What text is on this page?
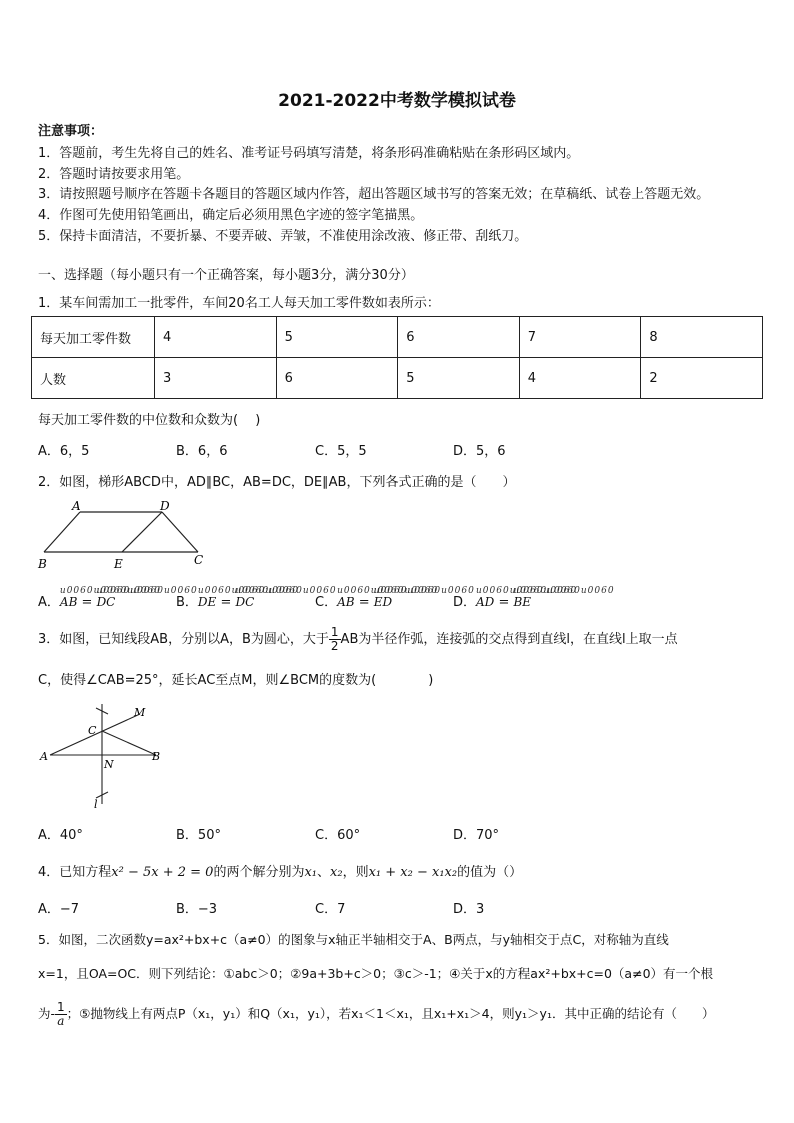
2021-2022中考数学模拟试卷
注意事项：
1．答题前，考生先将自己的姓名、准考证号码填写清楚，将条形码准确粘贴在条形码区域内。
2．答题时请按要求用笔。
3．请按照题号顺序在答题卡各题目的答题区域内作答，超出答题区域书写的答案无效；在草稿纸、试卷上答题无效。
4．作图可先使用铅笔画出，确定后必须用黑色字迹的签字笔描黑。
5．保持卡面清洁，不要折暴、不要弄破、弄皱，不准使用涂改液、修正带、刮纸刀。
一、选择题（每小题只有一个正确答案，每小题3分，满分30分）
1．某车间需加工一批零件，车间20名工人每天加工零件数如表所示：
每天加工零件数	4	5	6	7	8
人数	3	6	5	4	2
每天加工零件数的中位数和众数为(　 )
A．6，5	B．6，6	C．5，5	D．5，6
2．如图，梯形ABCD中，AD∥BC，AB=DC，DE∥AB，下列各式正确的是（　　）
A	D
B	E	C
A．u0060u0060u0060 AB = u0060u0060u0060 DC	B．u0060u0060u0060 DE = u0060u0060u0060 DC	C．u0060u0060u0060 AB = u0060u0060u0060 ED	D．u0060u0060u0060 AD = u0060u0060u0060 BE
3．如图，已知线段AB，分别以A，B为圆心，大于 $\frac{1}{2}$ AB为半径作弧，连接弧的交点得到直线l，在直线l上取一点
C，使得∠CAB=25°，延长AC至点M，则∠BCM的度数为(　　　　)
M
C
A
N
B
l
A．40°	B．50°	C．60°	D．70°
4．已知方程x² − 5x + 2 = 0的两个解分别为x₁、x₂，则x₁ + x₂ − x₁x₂的值为（）
A．−7	B．−3	C．7	D．3
5．如图，二次函数y=ax²+bx+c（a≠0）的图象与x轴正半轴相交于A、B两点，与y轴相交于点C，对称轴为直线
x=1，且OA=OC．则下列结论：①abc＞0；②9a+3b+c＞0；③c＞-1；④关于x的方程ax²+bx+c=0（a≠0）有一个根
为- $\frac{1}{a}$ ；⑤抛物线上有两点P（x₁，y₁）和Q（x₁，y₁），若x₁＜1＜x₁，且x₁+x₁＞4，则y₁＞y₁．其中正确的结论有（　　）
